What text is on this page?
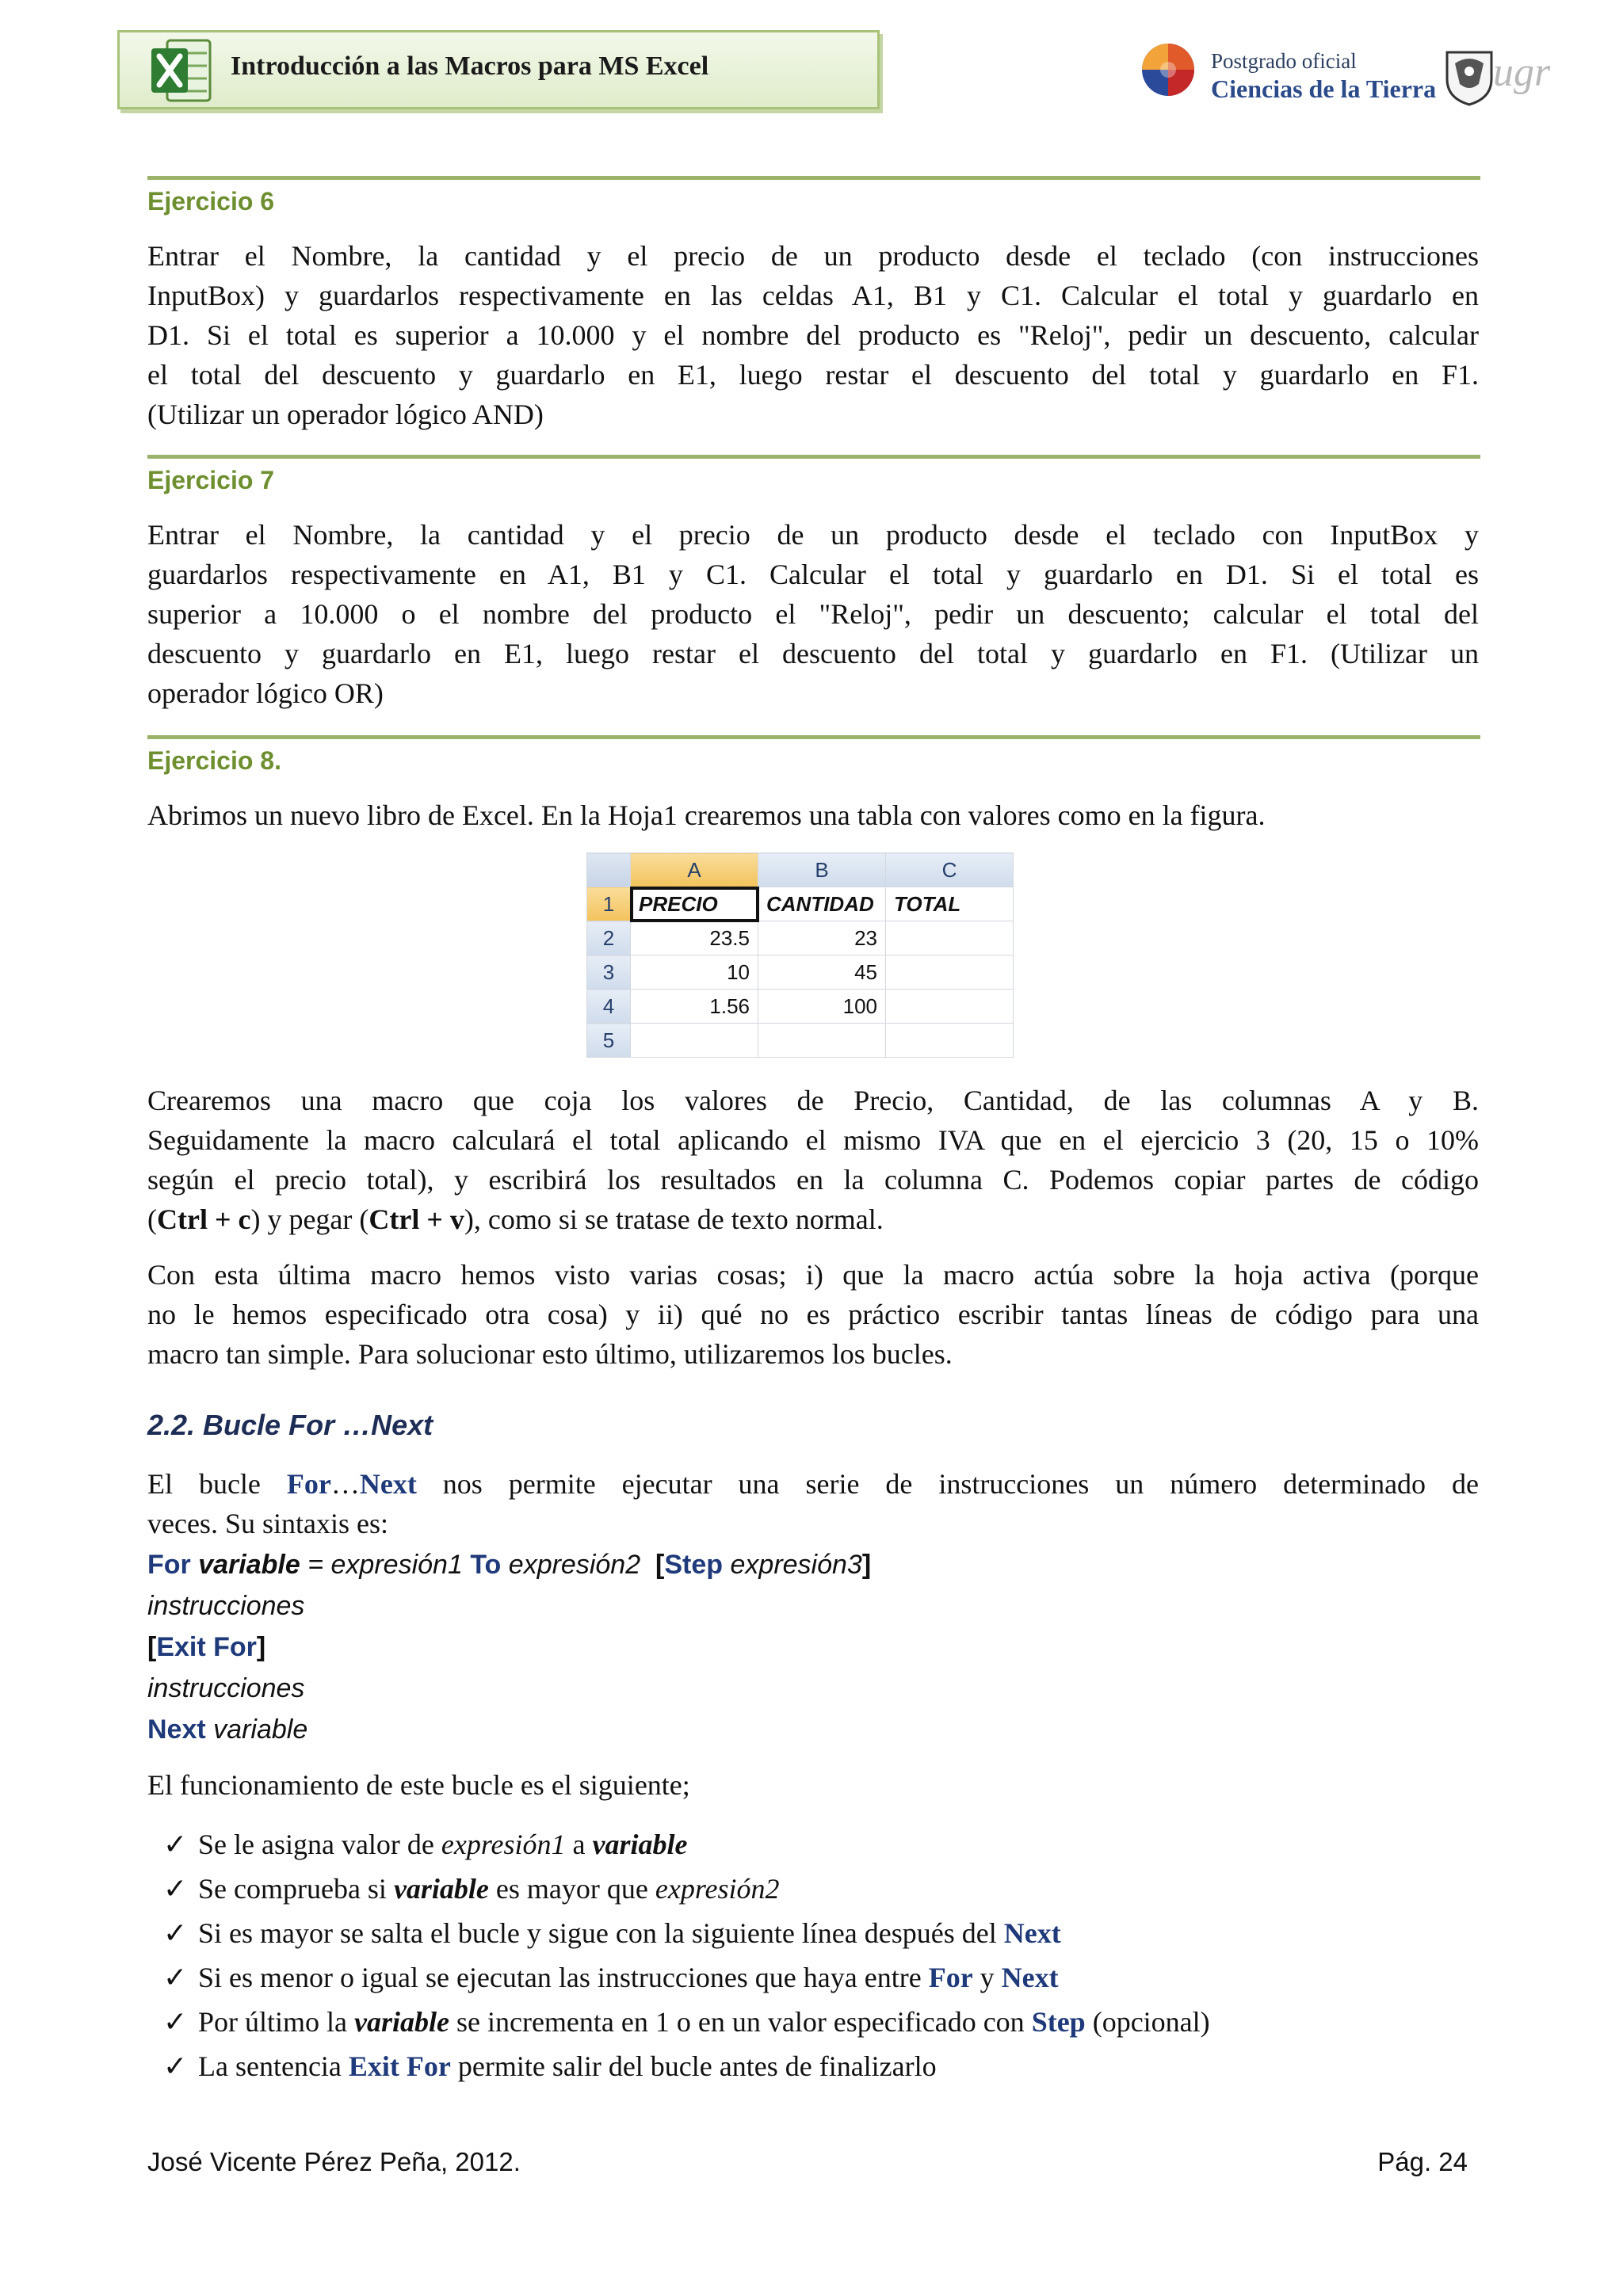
Introducción a las Macros para MS Excel	Postgrado oficial
Ciencias de la Tierra ugr
Ejercicio 6
Entrar el Nombre, la cantidad y el precio de un producto desde el teclado (con instrucciones
InputBox) y guardarlos respectivamente en las celdas A1, B1 y C1. Calcular el total y guardarlo en
D1. Si el total es superior a 10.000 y el nombre del producto es "Reloj", pedir un descuento, calcular
el total del descuento y guardarlo en E1, luego restar el descuento del total y guardarlo en F1.
(Utilizar un operador lógico AND)
Ejercicio 7
Entrar el Nombre, la cantidad y el precio de un producto desde el teclado con InputBox y
guardarlos respectivamente en A1, B1 y C1. Calcular el total y guardarlo en D1. Si el total es
superior a 10.000 o el nombre del producto el "Reloj", pedir un descuento; calcular el total del
descuento y guardarlo en E1, luego restar el descuento del total y guardarlo en F1. (Utilizar un
operador lógico OR)
Ejercicio 8.
Abrimos un nuevo libro de Excel. En la Hoja1 crearemos una tabla con valores como en la figura.
	A	B	C
1	PRECIO	CANTIDAD	TOTAL
2	23.5	23	
3	10	45	
4	1.56	100	
5			
Crearemos una macro que coja los valores de Precio, Cantidad, de las columnas A y B.
Seguidamente la macro calculará el total aplicando el mismo IVA que en el ejercicio 3 (20, 15 o 10%
según el precio total), y escribirá los resultados en la columna C. Podemos copiar partes de código
(Ctrl + c) y pegar (Ctrl + v), como si se tratase de texto normal.
Con esta última macro hemos visto varias cosas; i) que la macro actúa sobre la hoja activa (porque
no le hemos especificado otra cosa) y ii) qué no es práctico escribir tantas líneas de código para una
macro tan simple. Para solucionar esto último, utilizaremos los bucles.
2.2. Bucle For …Next
El bucle For…Next nos permite ejecutar una serie de instrucciones un número determinado de
veces. Su sintaxis es:
For variable = expresión1 To expresión2 [Step expresión3]
instrucciones
[Exit For]
instrucciones
Next variable
El funcionamiento de este bucle es el siguiente;
✓ Se le asigna valor de expresión1 a variable
✓ Se comprueba si variable es mayor que expresión2
✓ Si es mayor se salta el bucle y sigue con la siguiente línea después del Next
✓ Si es menor o igual se ejecutan las instrucciones que haya entre For y Next
✓ Por último la variable se incrementa en 1 o en un valor especificado con Step (opcional)
✓ La sentencia Exit For permite salir del bucle antes de finalizarlo
José Vicente Pérez Peña, 2012.	Pág. 24
